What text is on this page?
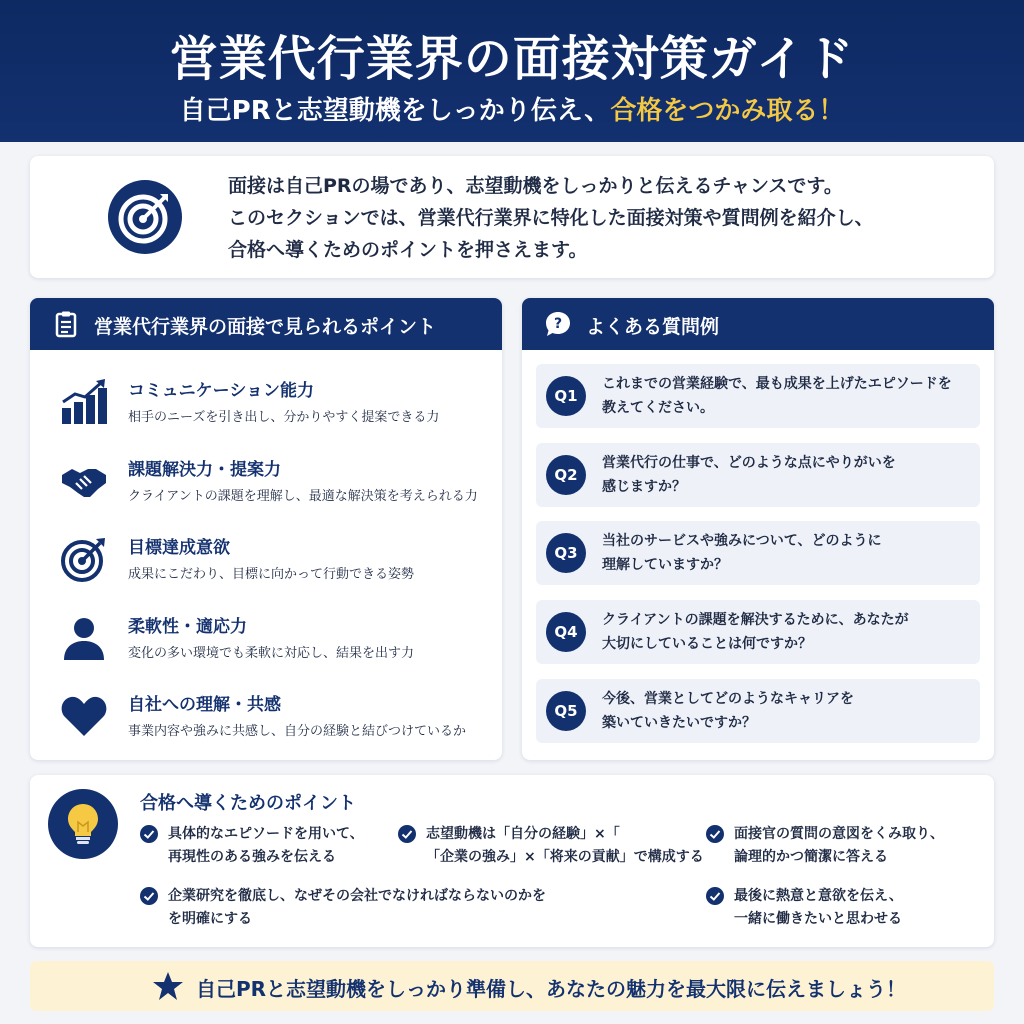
営業代行業界の面接対策ガイド
自己PRと志望動機をしっかり伝え、合格をつかみ取る！
面接は自己PRの場であり、志望動機をしっかりと伝えるチャンスです。
このセクションでは、営業代行業界に特化した面接対策や質問例を紹介し、
合格へ導くためのポイントを押さえます。
営業代行業界の面接で見られるポイント
コミュニケーション能力
相手のニーズを引き出し、分かりやすく提案できる力
課題解決力・提案力
クライアントの課題を理解し、最適な解決策を考えられる力
目標達成意欲
成果にこだわり、目標に向かって行動できる姿勢
柔軟性・適応力
変化の多い環境でも柔軟に対応し、結果を出す力
自社への理解・共感
事業内容や強みに共感し、自分の経験と結びつけているか
? よくある質問例
Q1
これまでの営業経験で、最も成果を上げたエピソードを
教えてください。
Q2
営業代行の仕事で、どのような点にやりがいを
感じますか？
Q3
当社のサービスや強みについて、どのように
理解していますか？
Q4
クライアントの課題を解決するために、あなたが
大切にしていることは何ですか？
Q5
今後、営業としてどのようなキャリアを
築いていきたいですか？
合格へ導くためのポイント
具体的なエピソードを用いて、
再現性のある強みを伝える
志望動機は「自分の経験」×「
「企業の強み」×「将来の貢献」で構成する
面接官の質問の意図をくみ取り、
論理的かつ簡潔に答える
企業研究を徹底し、なぜその会社でなければならないのかを
を明確にする
最後に熱意と意欲を伝え、
一緒に働きたいと思わせる
自己PRと志望動機をしっかり準備し、あなたの魅力を最大限に伝えましょう！
